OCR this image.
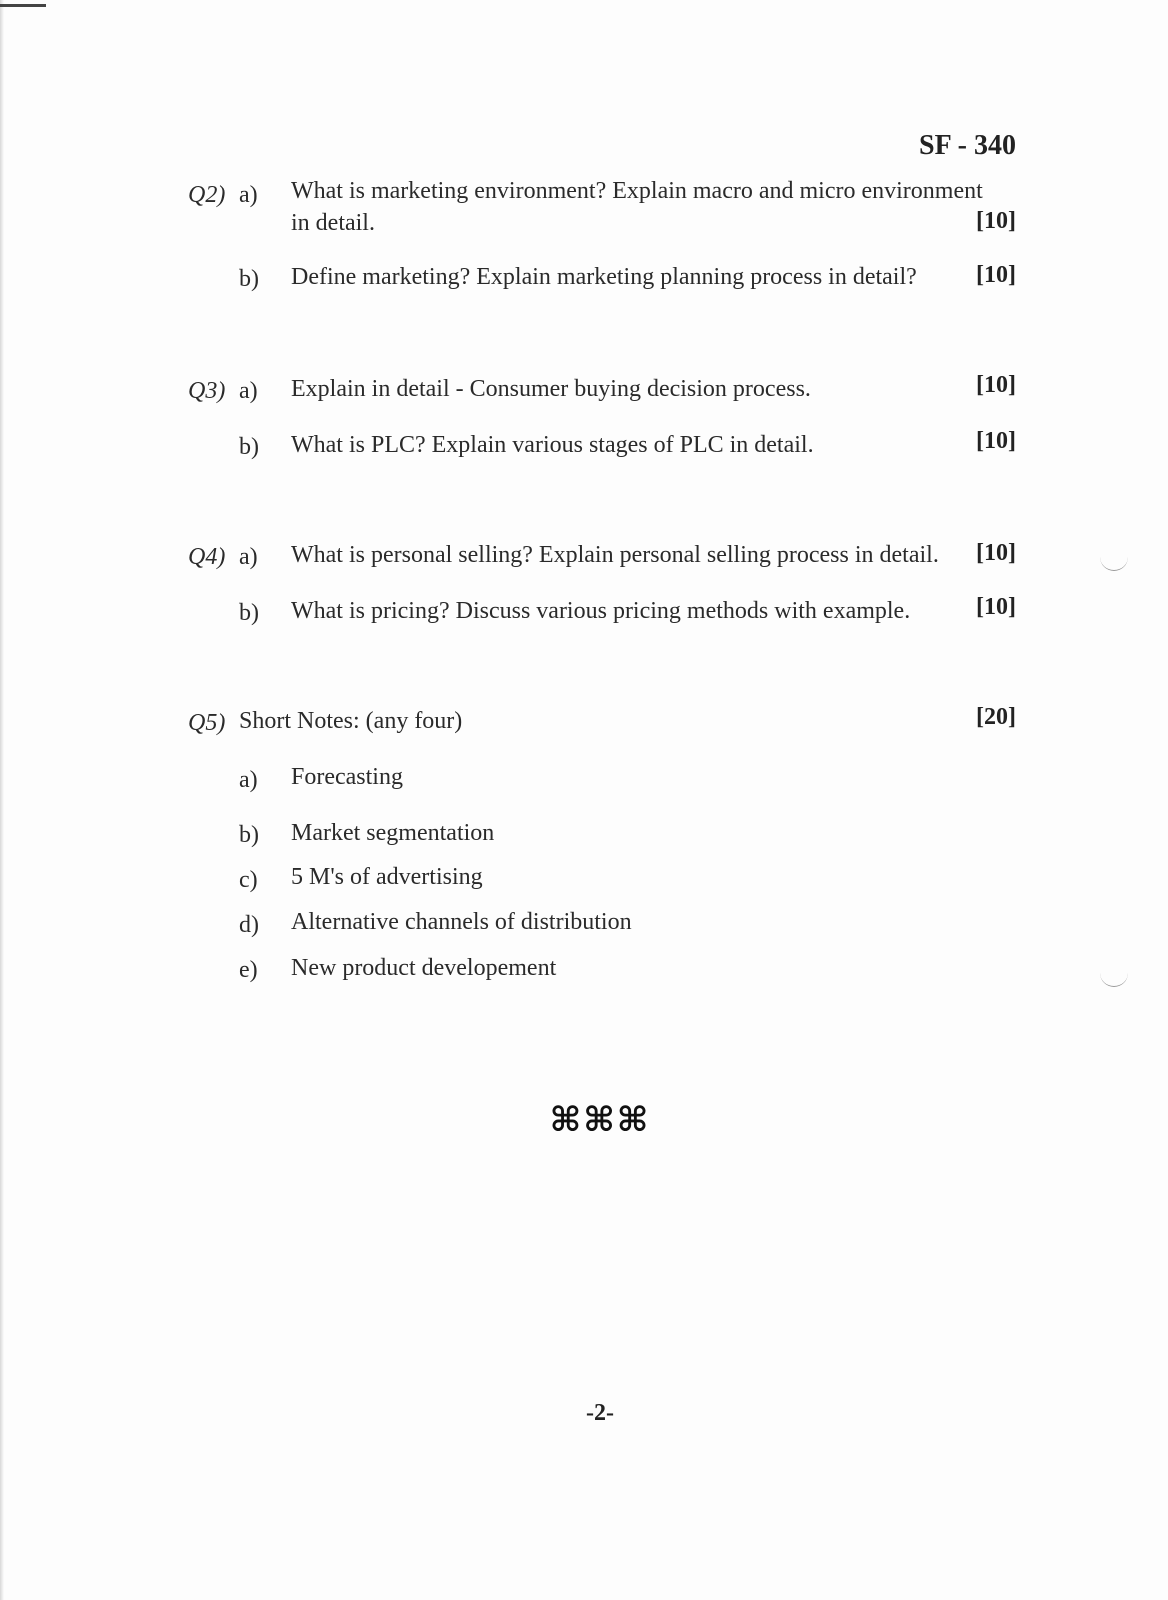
SF - 340
Q2) a) What is marketing environment? Explain macro and micro environment
in detail.	[10]
b) Define marketing? Explain marketing planning process in detail? [10]
Q3) a) Explain in detail - Consumer buying decision process.	[10]
b) What is PLC? Explain various stages of PLC in detail.	[10]
Q4) a) What is personal selling? Explain personal selling process in detail. [10]
b) What is pricing? Discuss various pricing methods with example.	[10]
Q5) Short Notes: (any four)	[20]
a) Forecasting
b) Market segmentation
c) 5 M's of advertising
d) Alternative channels of distribution
e) New product developement
⌘⌘⌘
-2-
